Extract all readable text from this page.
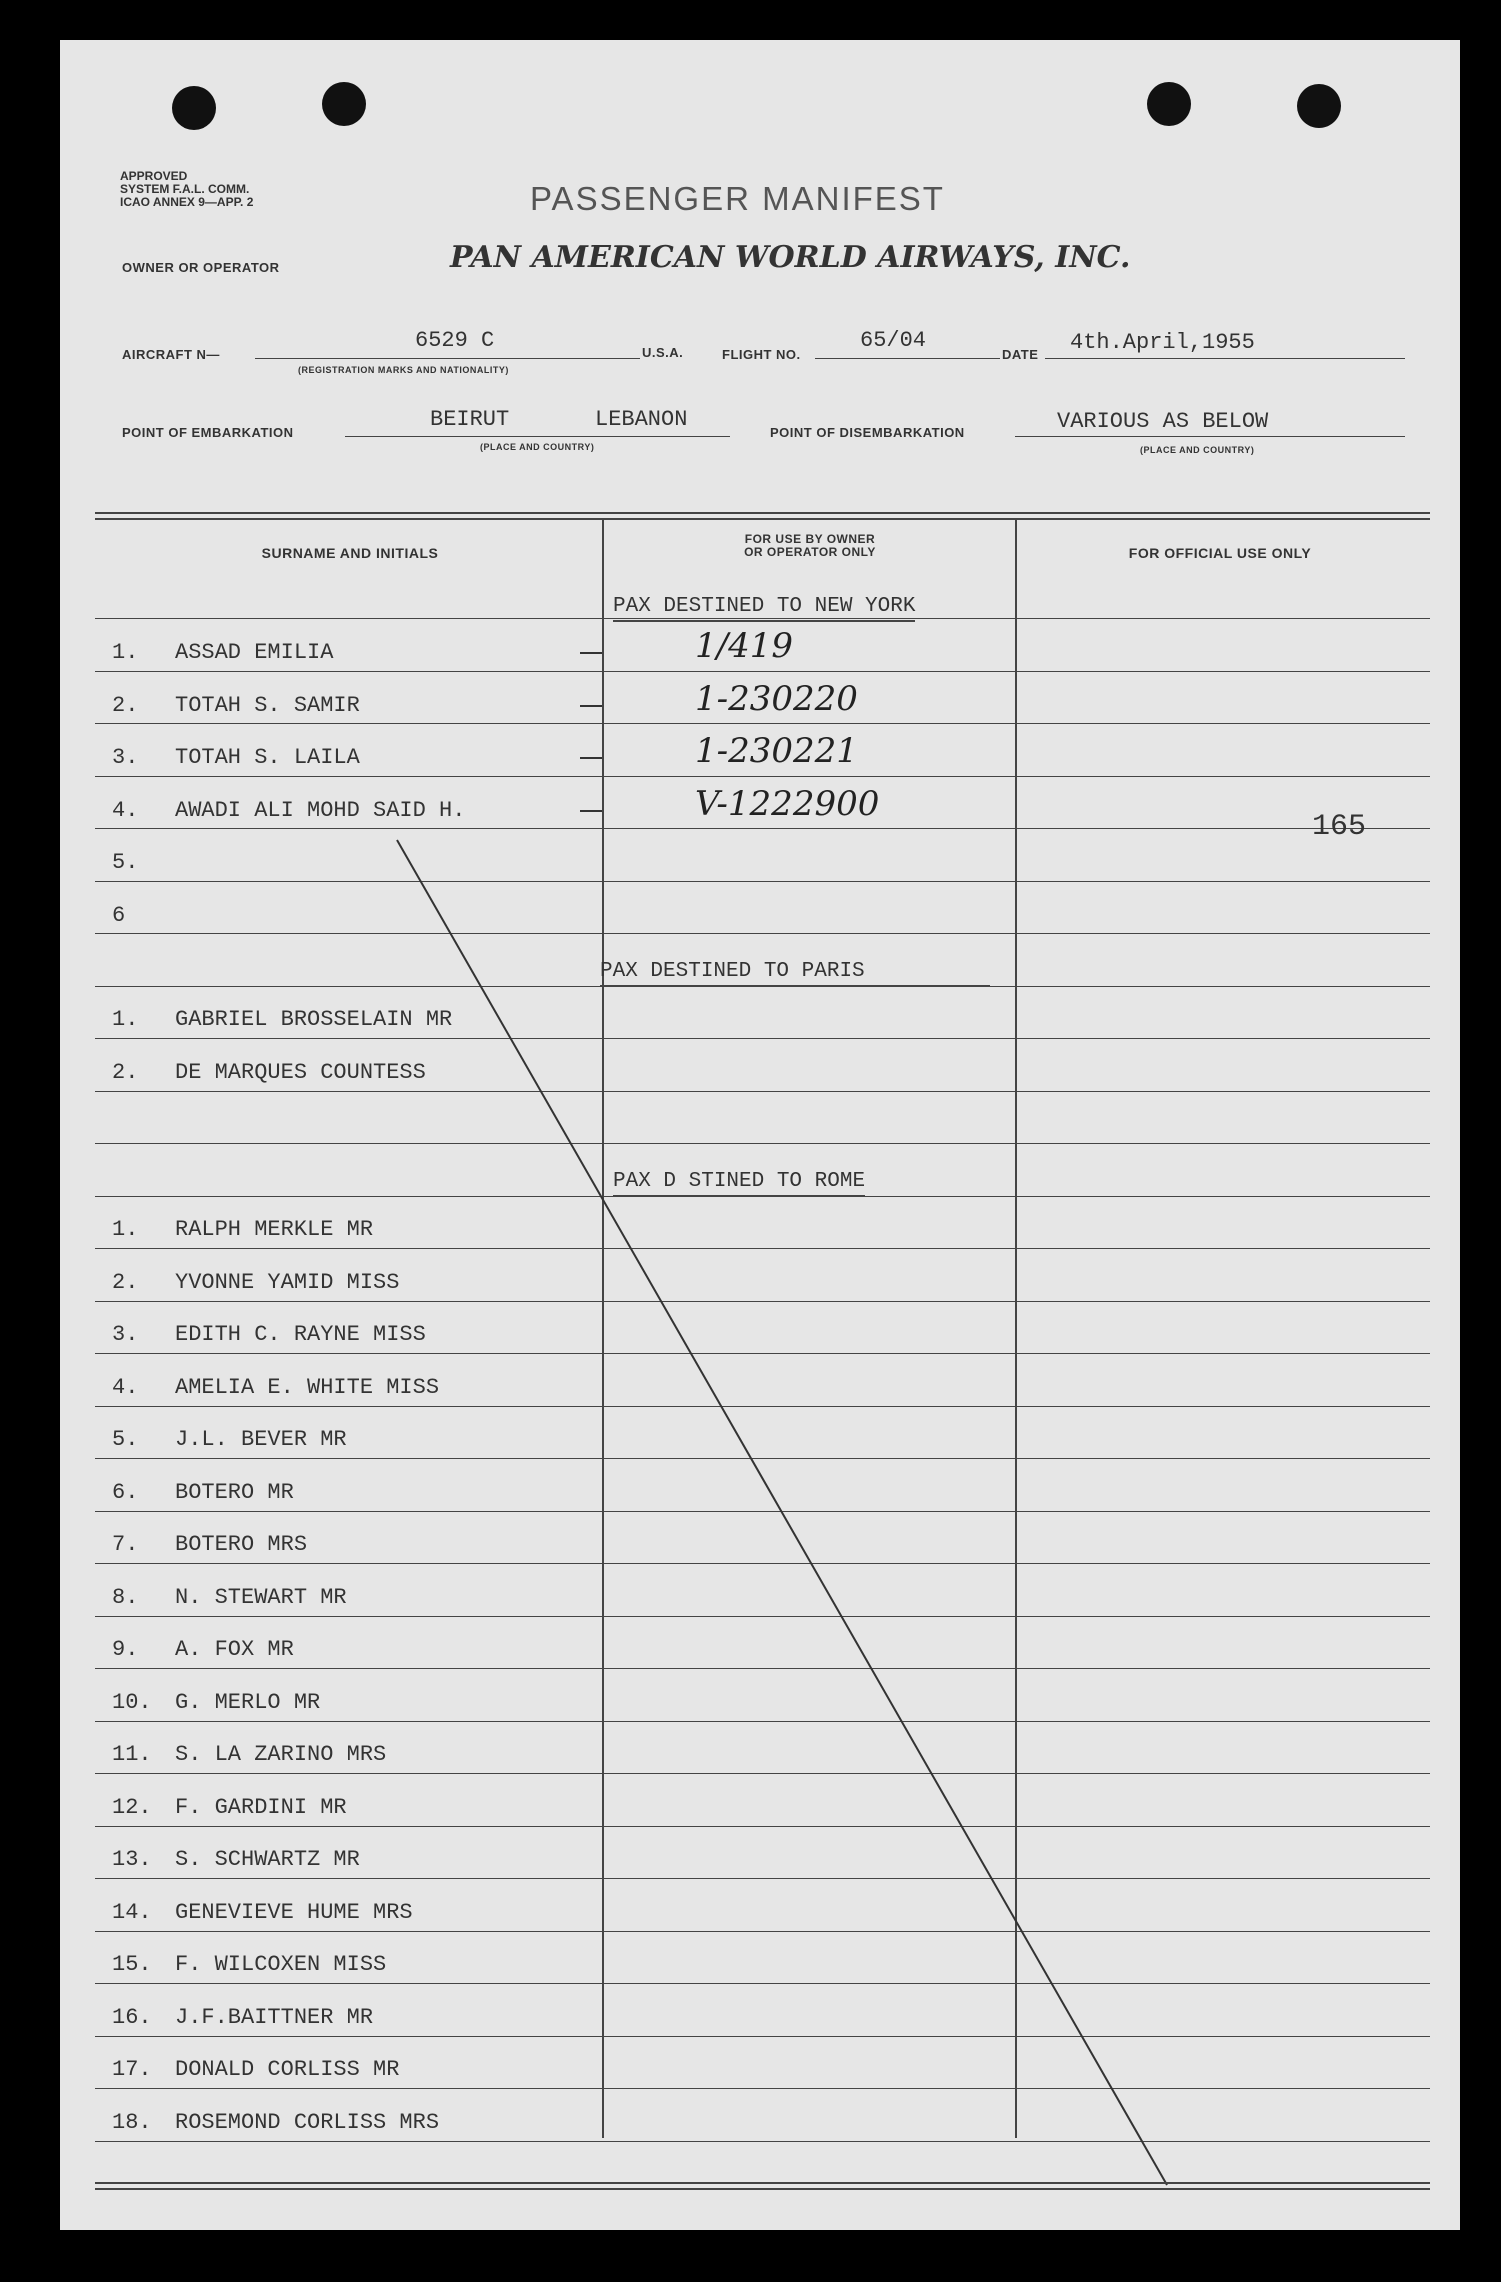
APPROVED
SYSTEM F.A.L. COMM.
ICAO ANNEX 9—APP. 2	PASSENGER MANIFEST
OWNER OR OPERATOR	PAN AMERICAN WORLD AIRWAYS, INC.
AIRCRAFT N—
6529 C
(REGISTRATION MARKS AND NATIONALITY)
U.S.A.	FLIGHT NO.
65/04
DATE 4th.April,1955
POINT OF EMBARKATION
BEIRUT	LEBANON
(PLACE AND COUNTRY)
POINT OF DISEMBARKATION	VARIOUS AS BELOW
(PLACE AND COUNTRY)
SURNAME AND INITIALS
FOR USE BY OWNER
OR OPERATOR ONLY	FOR OFFICIAL USE ONLY
PAX DESTINED TO NEW YORK
PAX DESTINED TO PARIS
PAX D STINED TO ROME
1. ASSAD EMILIA	1/419
2. TOTAH S. SAMIR	1-230220
3. TOTAH S. LAILA	1-230221
4. AWADI ALI MOHD SAID H.	V-1222900
5.
6
1. GABRIEL BROSSELAIN MR
2. DE MARQUES COUNTESS
1. RALPH MERKLE MR
2. YVONNE YAMID MISS
3. EDITH C. RAYNE MISS
4. AMELIA E. WHITE MISS
5. J.L. BEVER MR
6. BOTERO MR
7. BOTERO MRS
8. N. STEWART MR
9. A. FOX MR
10. G. MERLO MR
11. S. LA ZARINO MRS
12. F. GARDINI MR
13. S. SCHWARTZ MR
14. GENEVIEVE HUME MRS
15. F. WILCOXEN MISS
16. J.F.BAITTNER MR
17. DONALD CORLISS MR
18. ROSEMOND CORLISS MRS
165
